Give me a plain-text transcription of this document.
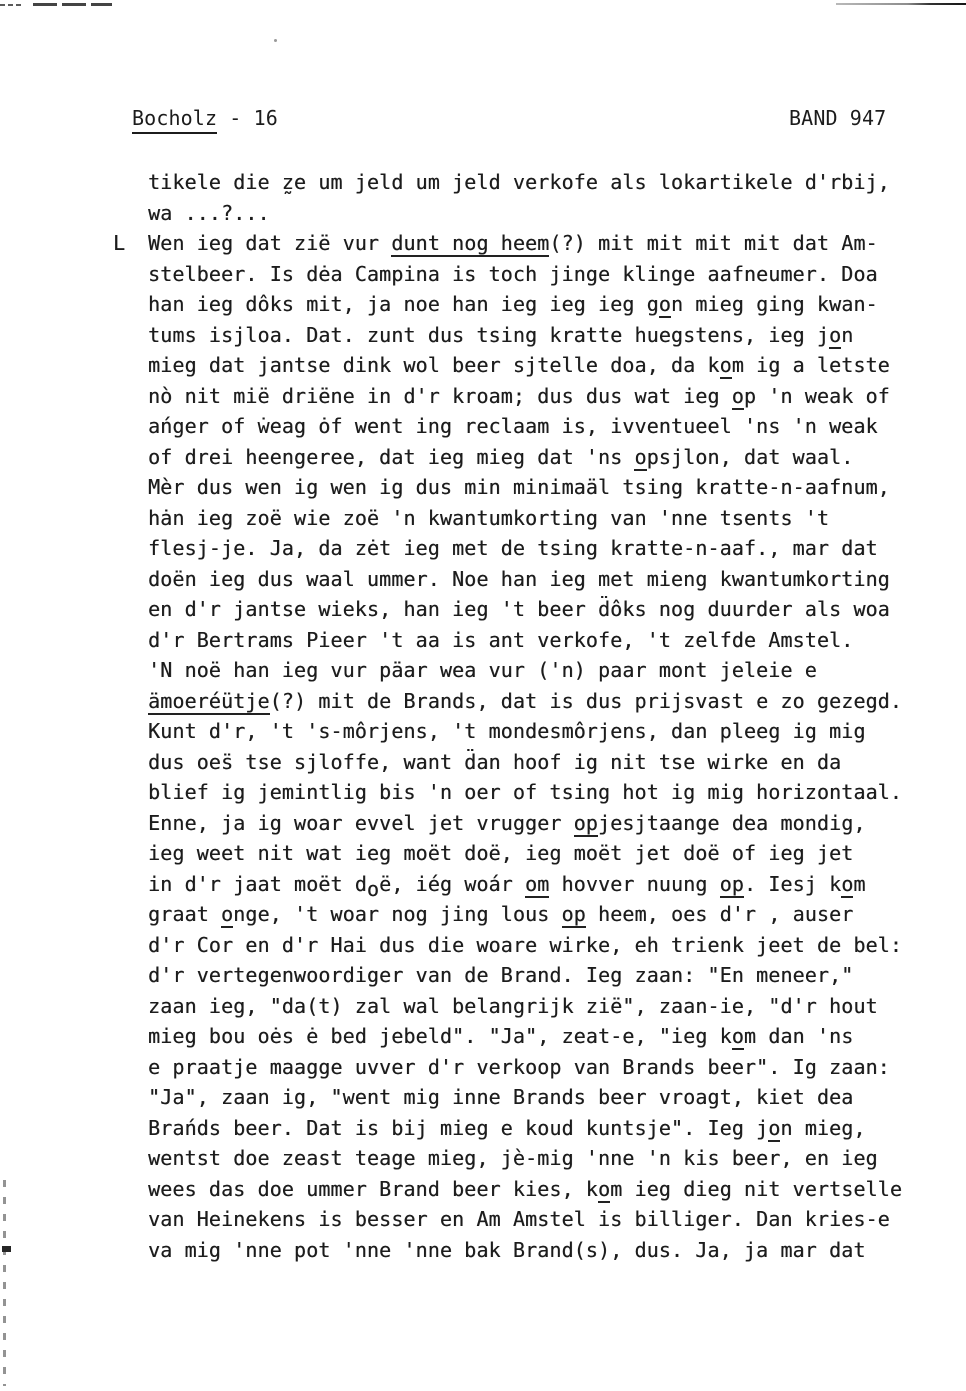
Bocholz - 16

	BAND 947

tikele die z̰e um jeld um jeld verkofe als lokartikele d'rbij,
wa ...?...
L Wen ieg dat zië vur dunt nog heem(?) mit mit mit mit dat Am-
stelbeer. Is dėa Campina is toch jinge klinge aafneumer. Doa
han ieg dôks mit, ja noe han ieg ieg ieg gon mieg ging kwan-
tums isjloa. Dat. zunt dus tsing kratte huegstens, ieg jon
mieg dat jantse dink wol beer sjtelle doa, da kom ig a letste
nò nit mië driëne in d'r kroam; dus dus wat ieg op 'n weak of
ańger of ẇeag ȯf went ing reclaam is, ivventueel 'ns 'n weak
of drei heengeree, dat ieg mieg dat 'ns opsjlon, dat waal.
Mèr dus wen ig wen ig dus min minimaäl tsing kratte-n-aafnum,
hȧn ieg zoë wie zoë 'n kwantumkorting van 'nne tsents 't
flesj-je. Ja, da zėt ieg met de tsing kratte-n-aaf., mar dat
doën ieg dus waal ummer. Noe han ieg met mieng kwantumkorting
en d'r jantse wieks, han ieg 't beer d̈ôks nog duurder als woa
d'r Bertrams Pieer 't aa is ant verkofe, 't zelfde Amstel.
'N noë han ieg vur päar wea vur ('n) paar mont jeleie e
ämoeréütje(?) mit de Brands, dat is dus prijsvast e zo gezegd.
Kunt d'r, 't 's-môrjens, 't mondesmôrjens, dan pleeg ig mig
dus oes̈ tse sjloffe, want d̈an hoof ig nit tse wirke en da
blief ig jemintlig bis 'n oer of tsing hot ig mig horizontaal.
Enne, ja ig woar evvel jet vrugger opjesjtaange dea mondig,
ieg weet nit wat ieg moët doë, ieg moët jet doë of ieg jet
in d'r jaat moët doë, iég woár om hovver nuung op. Iesj kom
graat onge, 't woar nog jing lous op heem, oes d'r , auser
d'r Cor en d'r Hai dus die woare wirke, eh trienk jeet de bel:
d'r vertegenwoordiger van de Brand. Ieg zaan: "En meneer,"
zaan ieg, "da(t) zal wal belangrijk zië", zaan-ie, "d'r hout
mieg bou oės ė bed jebeld". "Ja", zeat-e, "ieg kom dan 'ns
e praatje maagge uvver d'r verkoop van Brands beer". Ig zaan:
"Ja", zaan ig, "went mig inne Brands beer vroagt, kiet dea
Brańds beer. Dat is bij mieg e koud kuntsje". Ieg jon mieg,
wentst doe zeast teage mieg, jè-mig 'nne 'n kis beer, en ieg
wees das doe ummer Brand beer kies, kom ieg dieg nit vertselle
van Heinekens is besser en Am Amstel is billiger. Dan kries-e
va mig 'nne pot 'nne 'nne bak Brand(s), dus. Ja, ja mar dat
